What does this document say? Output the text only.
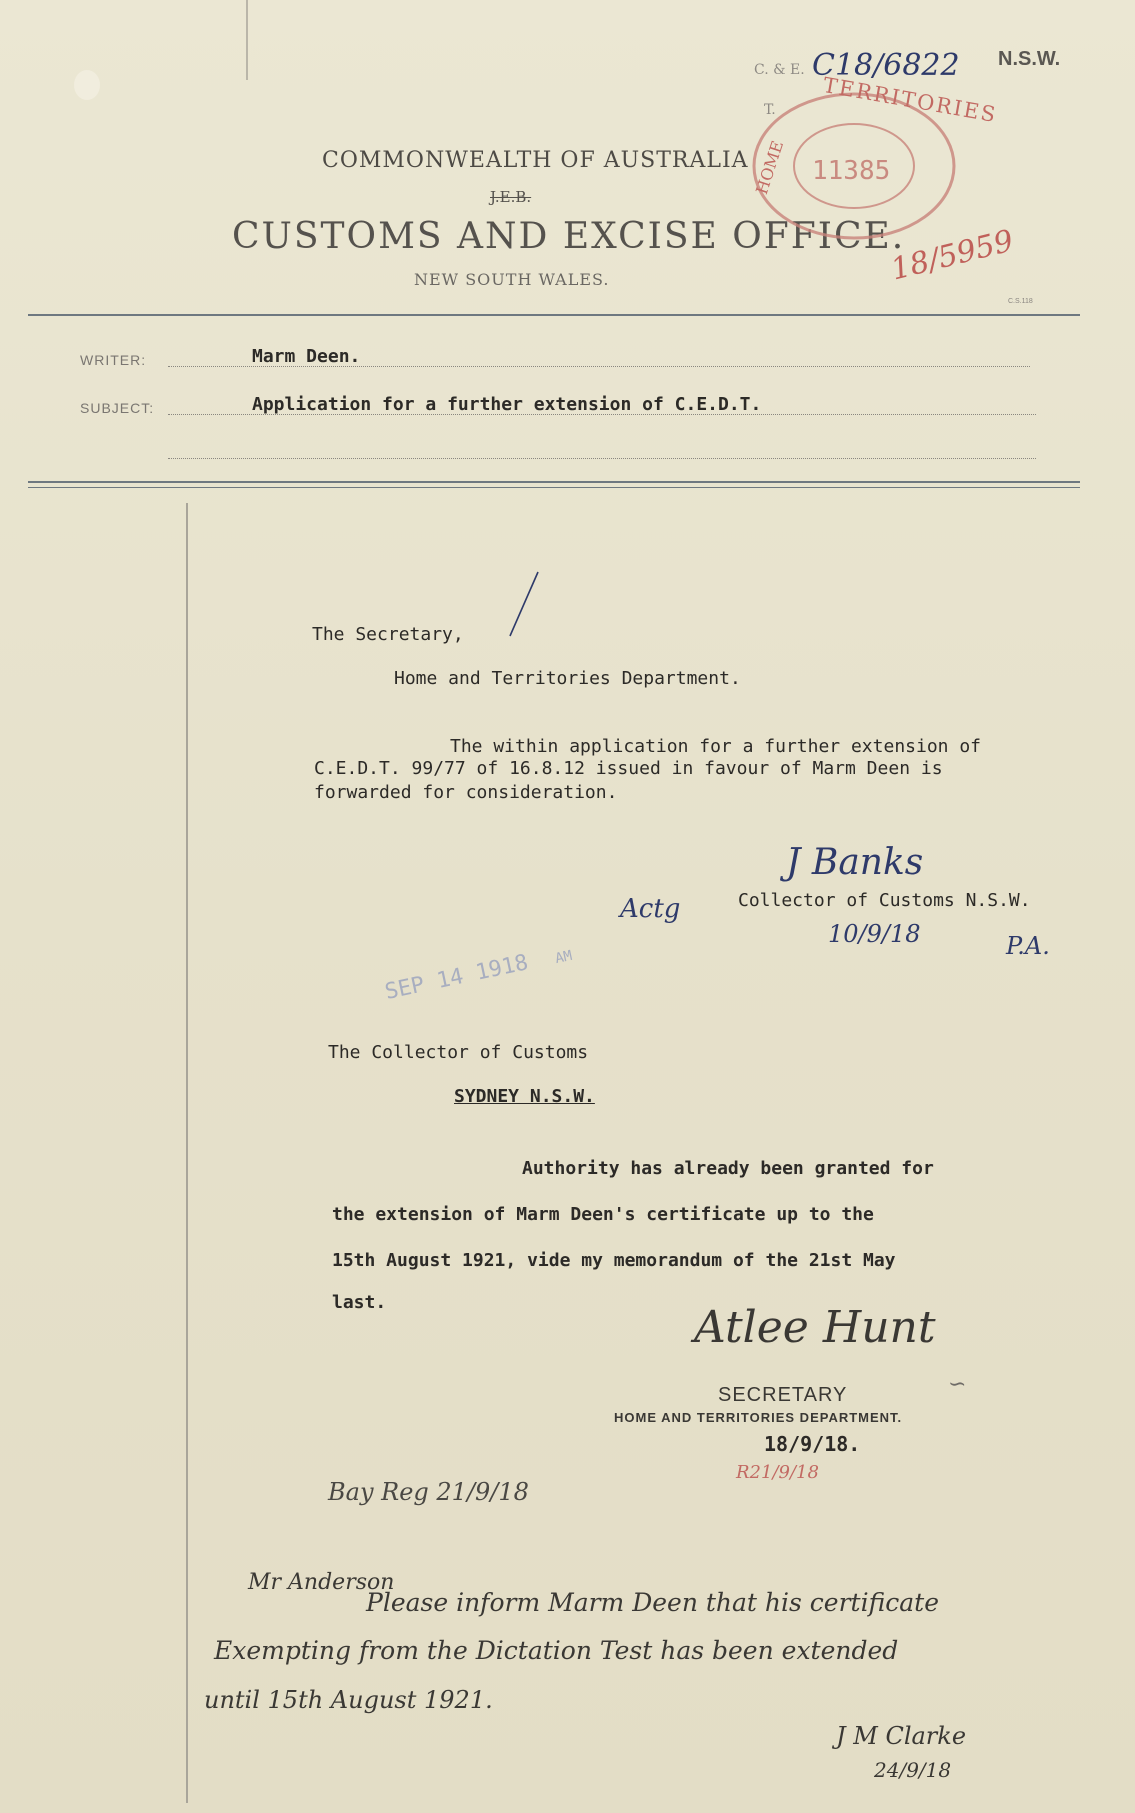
C. & E. C18/6822 N.S.W.
T.
COMMONWEALTH OF AUSTRALIA
J.E.B.
CUSTOMS AND EXCISE OFFICE.
NEW SOUTH WALES.
C.S.118
TERRITORIES
HOME 11385
18/5959
WRITER:	Marm Deen.
SUBJECT:	Application for a further extension of C.E.D.T.
The Secretary,
Home and Territories Department.
The within application for a further extension of
C.E.D.T. 99/77 of 16.8.12 issued in favour of Marm Deen is
forwarded for consideration.
J Banks
Actg	Collector of Customs N.S.W.
10/9/18	P.A.
SEP 14 1918 AM
The Collector of Customs
SYDNEY N.S.W.
Authority has already been granted for
the extension of Marm Deen's certificate up to the
15th August 1921, vide my memorandum of the 21st May
last.	Atlee Hunt
SECRETARY	∽
HOME AND TERRITORIES DEPARTMENT.
18/9/18.
R21/9/18
Bay Reg 21/9/18
Mr Anderson
Please inform Marm Deen that his certificate
Exempting from the Dictation Test has been extended
until 15th August 1921.
J M Clarke
24/9/18
